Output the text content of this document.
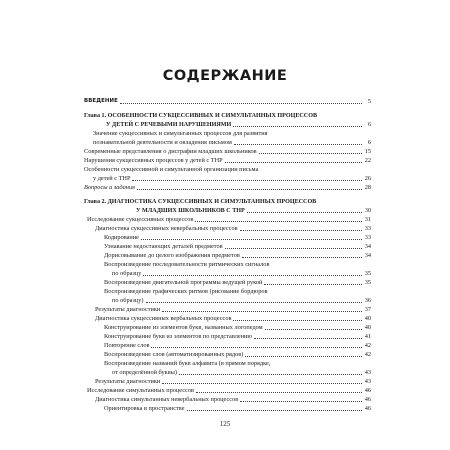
СОДЕРЖАНИЕ
ВВЕДЕНИЕ	5
Глава 1. ОСОБЕННОСТИ СУКЦЕССИВНЫХ И СИМУЛЬТАННЫХ ПРОЦЕССОВ
У ДЕТЕЙ С РЕЧЕВЫМИ НАРУШЕНИЯМИ	6
Значение сукцессивных и симультанных процессов для развития
познавательной деятельности и овладения письмом	6
Современные представления о дисграфии младших школьников	15
Нарушения сукцессивных процессов у детей с ТНР	22
Особенности сукцессивной и симультанной организации письма
у детей с ТНР	26
Вопросы и задания	28
Глава 2. ДИАГНОСТИКА СУКЦЕССИВНЫХ И СИМУЛЬТАННЫХ ПРОЦЕССОВ
У МЛАДШИХ ШКОЛЬНИКОВ С ТНР	30
Исследование сукцессивных процессов	31
Диагностика сукцессивных невербальных процессов	33
Кодирование	33
Узнавание недостающих деталей предметов	34
Дорисовывание до целого изображения предметов	34
Воспроизведение последовательности ритмических сигналов
по образцу	35
Воспроизведение двигательной программы ведущей рукой	35
Воспроизведение графических ритмов (рисование бордюров
по образцу)	36
Результаты диагностики	37
Диагностика сукцессивных вербальных процессов	40
Конструирование из элементов букв, названных логопедом	40
Конструирование букв из элементов по представлению	41
Повторение слов	42
Воспроизведение слов (автоматизированных рядов)	42
Воспроизведение названий букв алфавита (в прямом порядке,
от определённой буквы)	43
Результаты диагностики	43
Исследование симультанных процессов	46
Диагностика симультанных невербальных процессов	46
Ориентировка в пространстве	46
125
